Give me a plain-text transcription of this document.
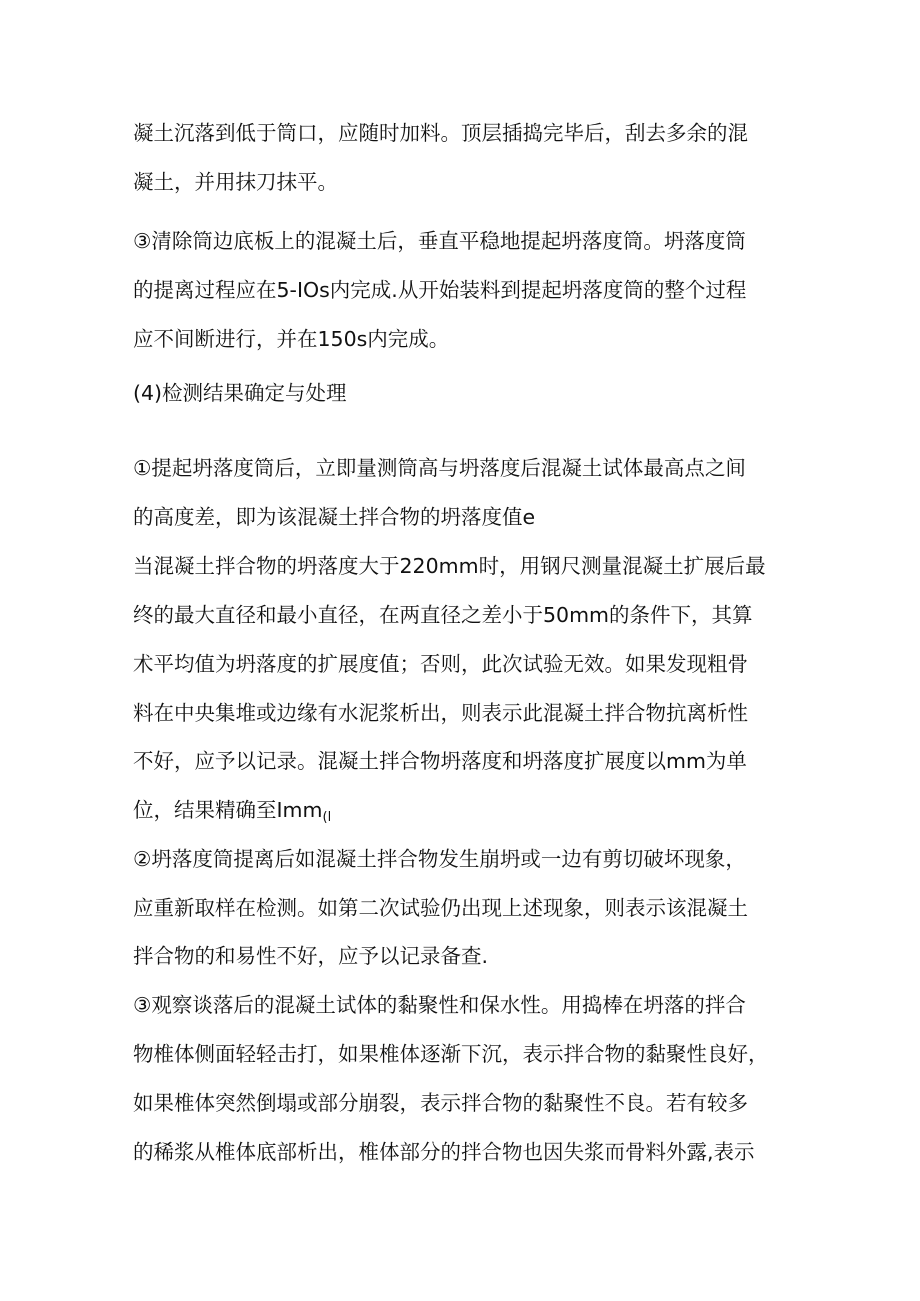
凝土沉落到低于筒口，应随时加料。顶层插捣完毕后，刮去多余的混
凝土，并用抹刀抹平。
③清除筒边底板上的混凝土后，垂直平稳地提起坍落度筒。坍落度筒
的提离过程应在5-IOs内完成.从开始装料到提起坍落度筒的整个过程
应不间断进行，并在150s内完成。
(4)检测结果确定与处理
①提起坍落度筒后，立即量测筒高与坍落度后混凝土试体最高点之间
的高度差，即为该混凝土拌合物的坍落度值e
当混凝土拌合物的坍落度大于220mm时，用钢尺测量混凝土扩展后最
终的最大直径和最小直径，在两直径之差小于50mm的条件下，其算
术平均值为坍落度的扩展度值；否则，此次试验无效。如果发现粗骨
料在中央集堆或边缘有水泥浆析出，则表示此混凝土拌合物抗离析性
不好，应予以记录。混凝土拌合物坍落度和坍落度扩展度以mm为单
位，结果精确至Imm$_{(l}$
②坍落度筒提离后如混凝土拌合物发生崩坍或一边有剪切破坏现象，
应重新取样在检测。如第二次试验仍出现上述现象，则表示该混凝土
拌合物的和易性不好，应予以记录备查.
③观察谈落后的混凝土试体的黏聚性和保水性。用捣棒在坍落的拌合
物椎体侧面轻轻击打，如果椎体逐渐下沉，表示拌合物的黏聚性良好，
如果椎体突然倒塌或部分崩裂，表示拌合物的黏聚性不良。若有较多
的稀浆从椎体底部析出，椎体部分的拌合物也因失浆而骨料外露,表示
